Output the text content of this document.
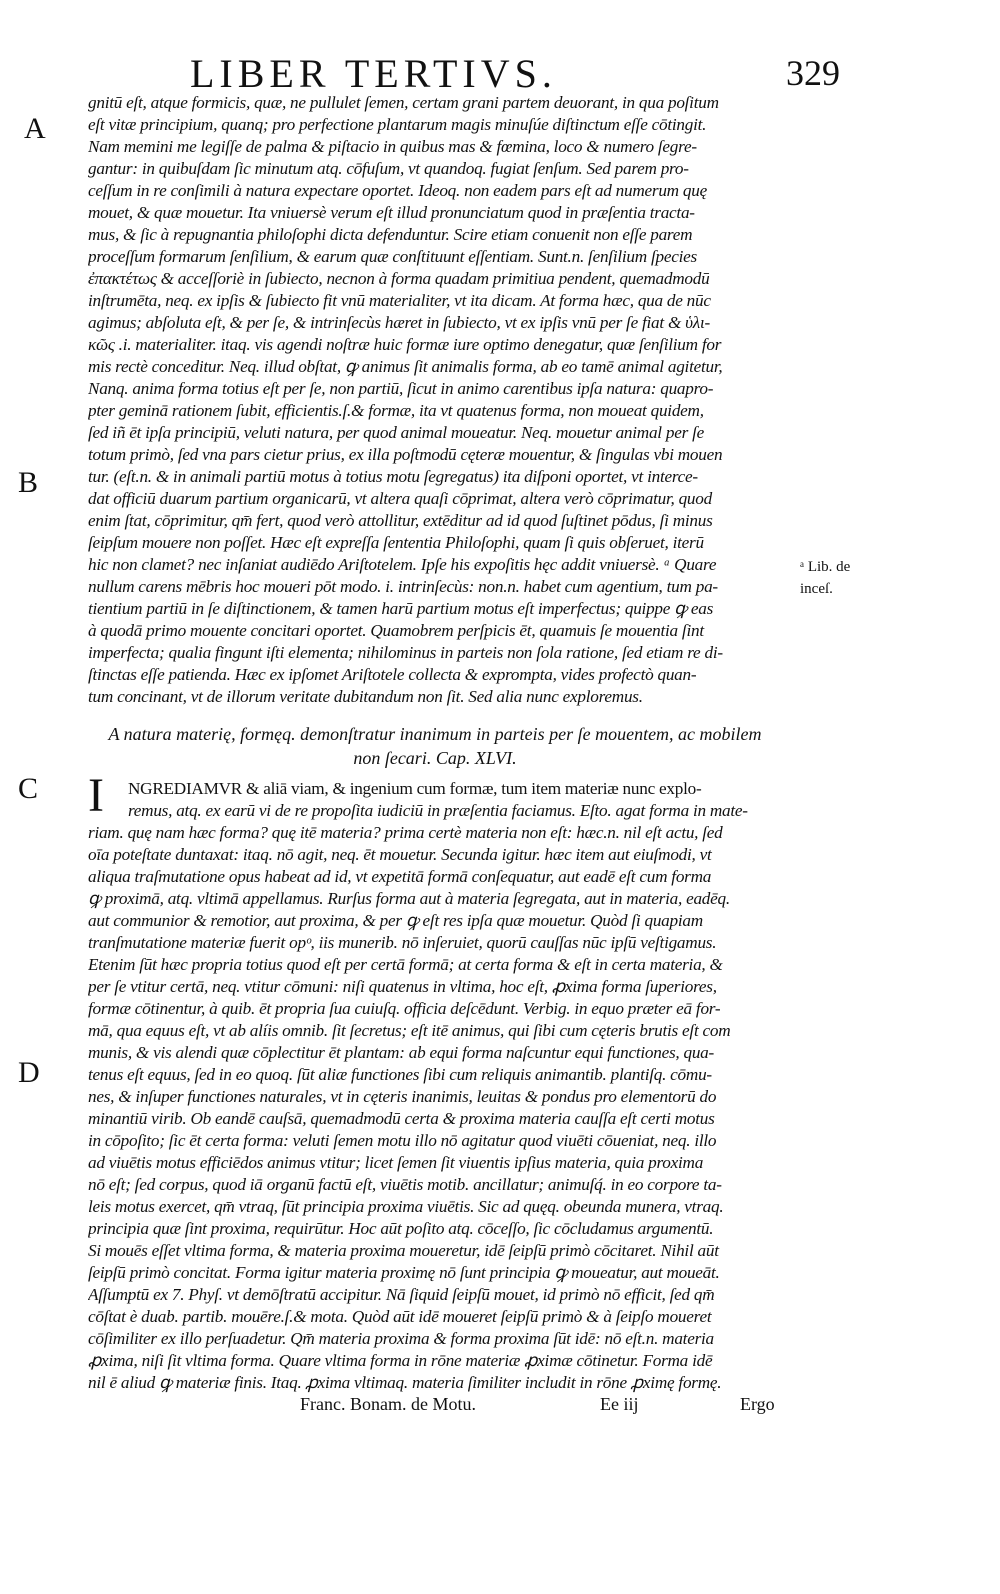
LIBER TERTIVS.	329
A
B
C
D
ᵃ Lib. de inceſ.
gnitū eſt, atque formicis, quæ, ne pullulet ſemen, certam grani partem deuorant, in qua poſitum
eſt vitæ principium, quanq; pro perfectione plantarum magis minuſúe diſtinctum eſſe cōtingit.
Nam memini me legiſſe de palma & piſtacio in quibus mas & fœmina, loco & numero ſegre-
gantur: in quibuſdam ſic minutum atq. cōfuſum, vt quandoq. fugiat ſenſum. Sed parem pro-
ceſſum in re conſimili à natura expectare oportet. Ideoq. non eadem pars eſt ad numerum quę
mouet, & quæ mouetur. Ita vniuersè verum eſt illud pronunciatum quod in præſentia tracta-
mus, & ſic à repugnantia philoſophi dicta defenduntur. Scire etiam conuenit non eſſe parem
proceſſum formarum ſenſilium, & earum quæ conſtituunt eſſentiam. Sunt.n. ſenſilium ſpecies
ἐπακτέτως & acceſſoriè in ſubiecto, necnon à forma quadam primitiua pendent, quemadmodū
inſtrumēta, neq. ex ipſis & ſubiecto fit vnū materialiter, vt ita dicam. At forma hæc, qua de nūc
agimus; abſoluta eſt, & per ſe, & intrinſecùs hæret in ſubiecto, vt ex ipſis vnū per ſe fiat & ὑλι-
κῶς .i. materialiter. itaq. vis agendi noſtræ huic formæ iure optimo denegatur, quæ ſenſilium for
mis rectè conceditur. Neq. illud obſtat, ꝙ animus ſit animalis forma, ab eo tamē animal agitetur,
Nanq. anima forma totius eſt per ſe, non partiū, ſicut in animo carentibus ipſa natura: quapro-
pter geminā rationem ſubit, efficientis.ſ.& formæ, ita vt quatenus forma, non moueat quidem,
ſed iñ ēt ipſa principiū, veluti natura, per quod animal moueatur. Neq. mouetur animal per ſe
totum primò, ſed vna pars cietur prius, ex illa poſtmodū cęteræ mouentur, & ſingulas vbi mouen
tur. (eſt.n. & in animali partiū motus à totius motu ſegregatus) ita diſponi oportet, vt interce-
dat officiū duarum partium organicarū, vt altera quaſi cōprimat, altera verò cōprimatur, quod
enim ſtat, cōprimitur, qm̄ fert, quod verò attollitur, extēditur ad id quod ſuſtinet pōdus, ſi minus
ſeipſum mouere non poſſet. Hæc eſt expreſſa ſententia Philoſophi, quam ſi quis obſeruet, iterū
hic non clamet? nec inſaniat audiēdo Ariſtotelem. Ipſe his expoſitis hęc addit vniuersè. ᵃ Quare
nullum carens mēbris hoc moueri pōt modo. i. intrinſecùs: non.n. habet cum agentium, tum pa-
tientium partiū in ſe diſtinctionem, & tamen harū partium motus eſt imperfectus; quippe ꝙ eas
à quodā primo mouente concitari oportet. Quamobrem perſpicis ēt, quamuis ſe mouentia ſint
imperfecta; qualia fingunt iſti elementa; nihilominus in parteis non ſola ratione, ſed etiam re di-
ſtinctas eſſe patienda. Hæc ex ipſomet Ariſtotele collecta & exprompta, vides profectò quan-
tum concinant, vt de illorum veritate dubitandum non ſit. Sed alia nunc exploremus.
A natura materię, formęq. demonſtratur inanimum in parteis per ſe mouentem, ac mobilem
non ſecari. Cap. XLVI.
I	NGREDIAMVR & aliā viam, & ingenium cum formæ, tum item materiæ nunc explo-
remus, atq. ex earū vi de re propoſita iudiciū in præſentia faciamus. Eſto. agat forma in mate-
riam. quę nam hæc forma? quę itē materia? prima certè materia non eſt: hæc.n. nil eſt actu, ſed
oīa poteſtate duntaxat: itaq. nō agit, neq. ēt mouetur. Secunda igitur. hæc item aut eiuſmodi, vt
aliqua traſmutatione opus habeat ad id, vt expetitā formā conſequatur, aut eadē eſt cum forma
ꝙ proximā, atq. vltimā appellamus. Rurſus forma aut à materia ſegregata, aut in materia, eadēq.
aut communior & remotior, aut proxima, & per ꝙ eſt res ipſa quæ mouetur. Quòd ſi quapiam
tranſmutatione materiæ fuerit opᵒ, iis munerib. nō inſeruiet, quorū cauſſas nūc ipſū veſtigamus.
Etenim ſūt hæc propria totius quod eſt per certā formā; at certa forma & eſt in certa materia, &
per ſe vtitur certā, neq. vtitur cōmuni: niſi quatenus in vltima, hoc eſt, ꝓxima forma ſuperiores,
formæ cōtinentur, à quib. ēt propria ſua cuiuſq. officia deſcēdunt. Verbig. in equo præter eā for-
mā, qua equus eſt, vt ab alíis omnib. ſit ſecretus; eſt itē animus, qui ſibi cum cęteris brutis eſt com
munis, & vis alendi quæ cōplectitur ēt plantam: ab equi forma naſcuntur equi functiones, qua-
tenus eſt equus, ſed in eo quoq. ſūt aliæ functiones ſibi cum reliquis animantib. plantiſq. cōmu-
nes, & inſuper functiones naturales, vt in cęteris inanimis, leuitas & pondus pro elementorū do
minantiū virib. Ob eandē cauſsā, quemadmodū certa & proxima materia cauſſa eſt certi motus
in cōpoſito; ſic ēt certa forma: veluti ſemen motu illo nō agitatur quod viuēti cōueniat, neq. illo
ad viuētis motus efficiēdos animus vtitur; licet ſemen ſit viuentis ipſius materia, quia proxima
nō eſt; ſed corpus, quod iā organū factū eſt, viuētis motib. ancillatur; animuſq́. in eo corpore ta-
leis motus exercet, qm̄ vtraq, ſūt principia proxima viuētis. Sic ad quęq. obeunda munera, vtraq.
principia quæ ſint proxima, requirūtur. Hoc aūt poſito atq. cōceſſo, ſic cōcludamus argumentū.
Si mouēs eſſet vltima forma, & materia proxima moueretur, idē ſeipſū primò cōcitaret. Nihil aūt
ſeipſū primò concitat. Forma igitur materia proximę nō ſunt principia ꝙ moueatur, aut moueāt.
Aſſumptū ex 7. Phyſ. vt demōſtratū accipitur. Nā ſiquid ſeipſū mouet, id primò nō efficit, ſed qm̄
cōſtat è duab. partib. mouēre.ſ.& mota. Quòd aūt idē moueret ſeipſū primò & à ſeipſo moueret
cōſimiliter ex illo perſuadetur. Qm̄ materia proxima & forma proxima ſūt idē: nō eſt.n. materia
ꝓxima, niſi ſit vltima forma. Quare vltima forma in rōne materiæ ꝓximæ cōtinetur. Forma idē
nil ē aliud ꝙ materiæ finis. Itaq. ꝓxima vltimaq. materia ſimiliter includit in rōne ꝓximę formę.
Franc. Bonam. de Motu.	Ee iij	Ergo
